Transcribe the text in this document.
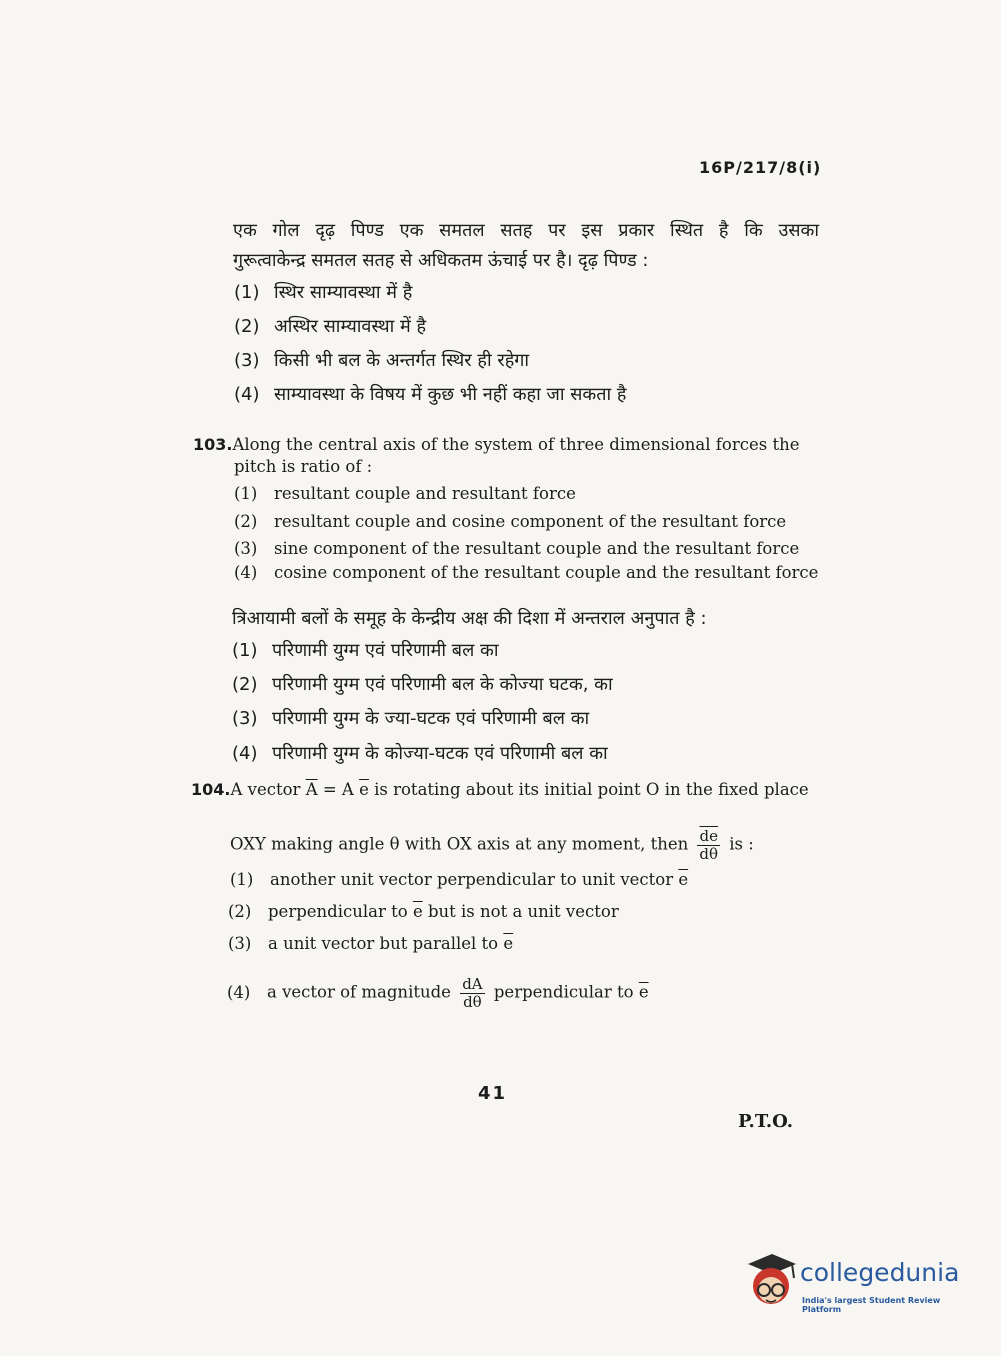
16P/217/8(i)
एक गोल दृढ़ पिण्ड एक समतल सतह पर इस प्रकार स्थित है कि उसका
गुरूत्वाकेन्द्र समतल सतह से अधिकतम ऊंचाई पर है। दृढ़ पिण्ड :
(1) स्थिर साम्यावस्था में है
(2) अस्थिर साम्यावस्था में है
(3) किसी भी बल के अन्तर्गत स्थिर ही रहेगा
(4) साम्यावस्था के विषय में कुछ भी नहीं कहा जा सकता है
103.Along the central axis of the system of three dimensional forces the
pitch is ratio of :
(1) resultant couple and resultant force
(2) resultant couple and cosine component of the resultant force
(3) sine component of the resultant couple and the resultant force
(4) cosine component of the resultant couple and the resultant force
त्रिआयामी बलों के समूह के केन्द्रीय अक्ष की दिशा में अन्तराल अनुपात है :
(1) परिणामी युग्म एवं परिणामी बल का
(2) परिणामी युग्म एवं परिणामी बल के कोज्या घटक, का
(3) परिणामी युग्म के ज्या-घटक एवं परिणामी बल का
(4) परिणामी युग्म के कोज्या-घटक एवं परिणामी बल का
104.A vector $\overline{A} = A$ $\overline{e}$ is rotating about its initial point O in the fixed place
OXY making angle θ with OX axis at any moment, then $\frac{\overline{de}}{d\theta}$ is :
(1) another unit vector perpendicular to unit vector $\overline{e}$
(2) perpendicular to $\overline{e}$ but is not a unit vector
(3) a unit vector but parallel to $\overline{e}$
(4) a vector of magnitude $\frac{dA}{d\theta}$ perpendicular to $\overline{e}$
41
P.T.O.
collegedunia
India's largest Student Review Platform
